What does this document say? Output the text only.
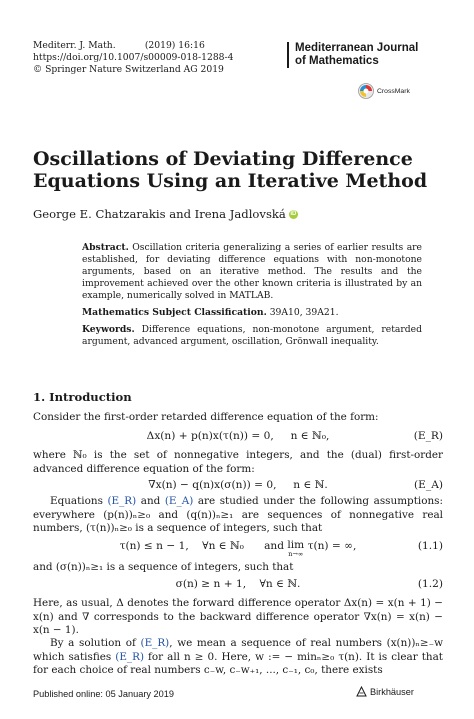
Mediterr. J. Math.          (2019) 16:16
https://doi.org/10.1007/s00009-018-1288-4
© Springer Nature Switzerland AG 2019
Mediterranean Journal
of Mathematics
CrossMark
Oscillations of Deviating Difference
Equations Using an Iterative Method
George E. Chatzarakis and Irena Jadlovská iD

Abstract. Oscillation criteria generalizing a series of earlier results are established, for deviating difference equations with non-monotone arguments, based on an iterative method. The results and the improvement achieved over the other known criteria is illustrated by an example, numerically solved in MATLAB.

Mathematics Subject Classification. 39A10, 39A21.

Keywords. Difference equations, non-monotone argument, retarded argument, advanced argument, oscillation, Grönwall inequality.

1. Introduction
Consider the first-order retarded difference equation of the form:
Δx(n) + p(n)x(τ(n)) = 0,     n ∈ ℕ₀,	(E_R)
where ℕ₀ is the set of nonnegative integers, and the (dual) first-order advanced difference equation of the form:
∇x(n) − q(n)x(σ(n)) = 0,     n ∈ ℕ.	(E_A)
Equations (E_R) and (E_A) are studied under the following assumptions: everywhere (p(n))ₙ≥₀ and (q(n))ₙ≥₁ are sequences of nonnegative real numbers, (τ(n))ₙ≥₀ is a sequence of integers, such that
τ(n) ≤ n − 1,    ∀n ∈ ℕ₀      and lim
n→∞
τ(n) = ∞,	(1.1)
and (σ(n))ₙ≥₁ is a sequence of integers, such that
σ(n) ≥ n + 1,    ∀n ∈ ℕ.	(1.2)
Here, as usual, Δ denotes the forward difference operator Δx(n) = x(n + 1) − x(n) and ∇ corresponds to the backward difference operator ∇x(n) = x(n) − x(n − 1).
By a solution of (E_R), we mean a sequence of real numbers (x(n))ₙ≥₋w which satisfies (E_R) for all n ≥ 0. Here, w := − minₙ≥₀ τ(n). It is clear that for each choice of real numbers c₋w, c₋w₊₁, ..., c₋₁, c₀, there exists
Published online: 05 January 2019	Birkhäuser
